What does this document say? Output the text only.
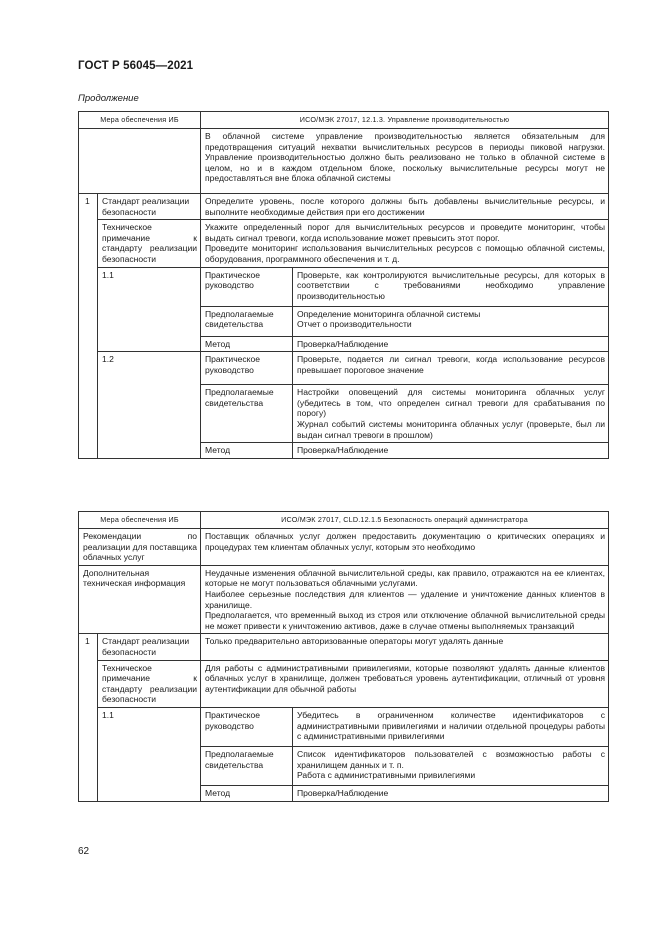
ГОСТ Р 56045—2021
Продолжение
Мера обеспечения ИБ		ИСО/МЭК 27017, 12.1.3. Управление производительностью	
		В облачной системе управление производительностью является обязательным для предотвращения ситуаций нехватки вычислительных ресурсов в периоды пиковой нагрузки. Управление производительностью должно быть реализовано не только в облачной системе в целом, но и в каждом отдельном блоке, поскольку вычислительные ресурсы могут не предоставляться вне блока облачной системы	
1	Стандарт реализации безопасности	Определите уровень, после которого должны быть добавлены вычислительные ресурсы, и выполните необходимые действия при его достижении	
	Техническое примечание к стандарту реализации безопасности	Укажите определенный порог для вычислительных ресурсов и проведите мониторинг, чтобы выдать сигнал тревоги, когда использование может превысить этот порог.
Проведите мониторинг использования вычислительных ресурсов с помощью облачной системы, оборудования, программного обеспечения и т. д.	
	1.1	Практическое руководство	Проверьте, как контролируются вычислительные ресурсы, для которых в соответствии с требованиями необходимо управление производительностью
		Предполагаемые свидетельства	Определение мониторинга облачной системы
Отчет о производительности
		Метод	Проверка/Наблюдение
	1.2	Практическое руководство	Проверьте, подается ли сигнал тревоги, когда использование ресурсов превышает пороговое значение
		Предполагаемые свидетельства	Настройки оповещений для системы мониторинга облачных услуг (убедитесь в том, что определен сигнал тревоги для срабатывания по порогу)
Журнал событий системы мониторинга облачных услуг (проверьте, был ли выдан сигнал тревоги в прошлом)
		Метод	Проверка/Наблюдение
Мера обеспечения ИБ		ИСО/МЭК 27017, CLD.12.1.5 Безопасность операций администратора	
Рекомендации по реализации для поставщика облачных услуг		Поставщик облачных услуг должен предоставить документацию о критических операциях и процедурах тем клиентам облачных услуг, которым это необходимо	
Дополнительная техническая информация		Неудачные изменения облачной вычислительной среды, как правило, отражаются на ее клиентах, которые не могут пользоваться облачными услугами.
Наиболее серьезные последствия для клиентов — удаление и уничтожение данных клиентов в хранилище.
Предполагается, что временный выход из строя или отключение облачной вычислительной среды не может привести к уничтожению активов, даже в случае отмены выполняемых транзакций	
1	Стандарт реализации безопасности	Только предварительно авторизованные операторы могут удалять данные	
	Техническое примечание к стандарту реализации безопасности	Для работы с административными привилегиями, которые позволяют удалять данные клиентов облачных услуг в хранилище, должен требоваться уровень аутентификации, отличный от уровня аутентификации для обычной работы	
	1.1	Практическое руководство	Убедитесь в ограниченном количестве идентификаторов с административными привилегиями и наличии отдельной процедуры работы с административными привилегиями
		Предполагаемые свидетельства	Список идентификаторов пользователей с возможностью работы с хранилищем данных и т. п.
Работа с административными привилегиями
		Метод	Проверка/Наблюдение
62
